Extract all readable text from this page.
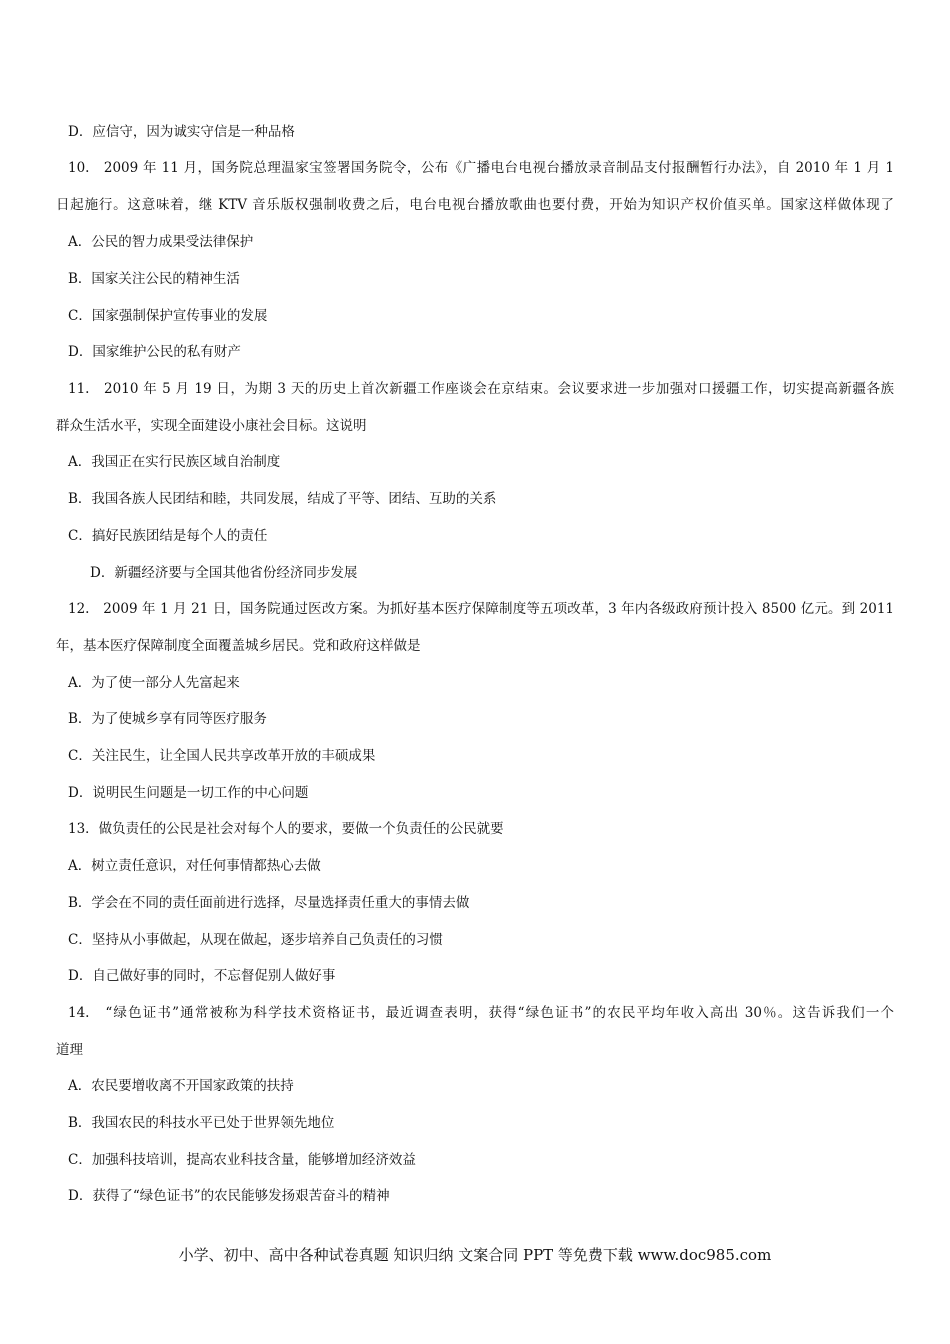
D．应信守，因为诚实守信是一种品格
10.　2009 年 11 月，国务院总理温家宝签署国务院令，公布《广播电台电视台播放录音制品支付报酬暂行办法》，自 2010 年 1 月 1
日起施行。这意味着，继 KTV 音乐版权强制收费之后，电台电视台播放歌曲也要付费，开始为知识产权价值买单。国家这样做体现了
A．公民的智力成果受法律保护
B．国家关注公民的精神生活
C．国家强制保护宣传事业的发展
D．国家维护公民的私有财产
11.　2010 年 5 月 19 日，为期 3 天的历史上首次新疆工作座谈会在京结束。会议要求进一步加强对口援疆工作，切实提高新疆各族
群众生活水平，实现全面建设小康社会目标。这说明
A．我国正在实行民族区域自治制度
B．我国各族人民团结和睦，共同发展，结成了平等、团结、互助的关系
C．搞好民族团结是每个人的责任
D．新疆经济要与全国其他省份经济同步发展
12.　2009 年 1 月 21 日，国务院通过医改方案。为抓好基本医疗保障制度等五项改革，3 年内各级政府预计投入 8500 亿元。到 2011
年，基本医疗保障制度全面覆盖城乡居民。党和政府这样做是
A．为了使一部分人先富起来
B．为了使城乡享有同等医疗服务
C．关注民生，让全国人民共享改革开放的丰硕成果
D．说明民生问题是一切工作的中心问题
13．做负责任的公民是社会对每个人的要求，要做一个负责任的公民就要
A．树立责任意识，对任何事情都热心去做
B．学会在不同的责任面前进行选择，尽量选择责任重大的事情去做
C．坚持从小事做起，从现在做起，逐步培养自己负责任的习惯
D．自己做好事的同时，不忘督促别人做好事
14.　“绿色证书”通常被称为科学技术资格证书，最近调查表明，获得“绿色证书”的农民平均年收入高出 30％。这告诉我们一个
道理
A．农民要增收离不开国家政策的扶持
B．我国农民的科技水平已处于世界领先地位
C．加强科技培训，提高农业科技含量，能够增加经济效益
D．获得了“绿色证书”的农民能够发扬艰苦奋斗的精神
小学、初中、高中各种试卷真题 知识归纳 文案合同 PPT 等免费下载 www.doc985.com
